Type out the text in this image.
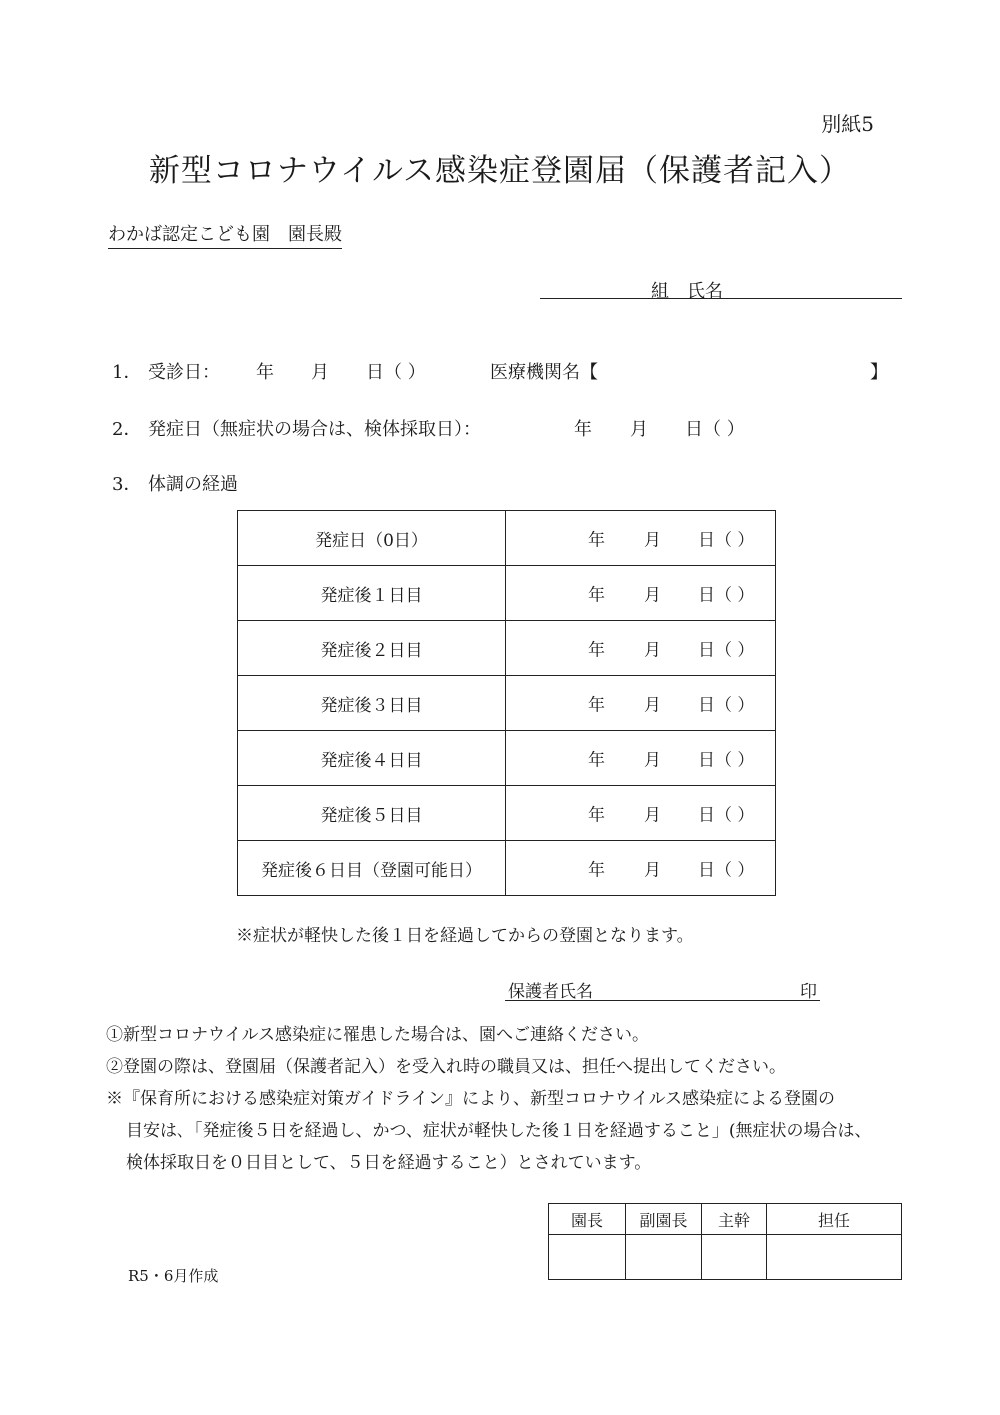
別紙5
新型コロナウイルス感染症登園届（保護者記入）
わかば認定こども園　園長殿
組　氏名
1． 受診日： 年 月 日（ ）	医療機関名【	】
2． 発症日（無症状の場合は、検体採取日）：	年 月 日（ ）
3． 体調の経過
発症日（0日）	年 月 日（ ）

発症後１日目	年 月 日（ ）

発症後２日目	年 月 日（ ）

発症後３日目	年 月 日（ ）

発症後４日目	年 月 日（ ）

発症後５日目	年 月 日（ ）

発症後６日目（登園可能日）	年 月 日（ ）
※症状が軽快した後１日を経過してからの登園となります。
保護者氏名	印
①新型コロナウイルス感染症に罹患した場合は、園へご連絡ください。
②登園の際は、登園届（保護者記入）を受入れ時の職員又は、担任へ提出してください。
※『保育所における感染症対策ガイドライン』により、新型コロナウイルス感染症による登園の
目安は､「発症後５日を経過し、かつ、症状が軽快した後１日を経過すること」(無症状の場合は、
検体採取日を０日目として、５日を経過すること）とされています。
園長	副園長	主幹	担任

R5・6月作成
